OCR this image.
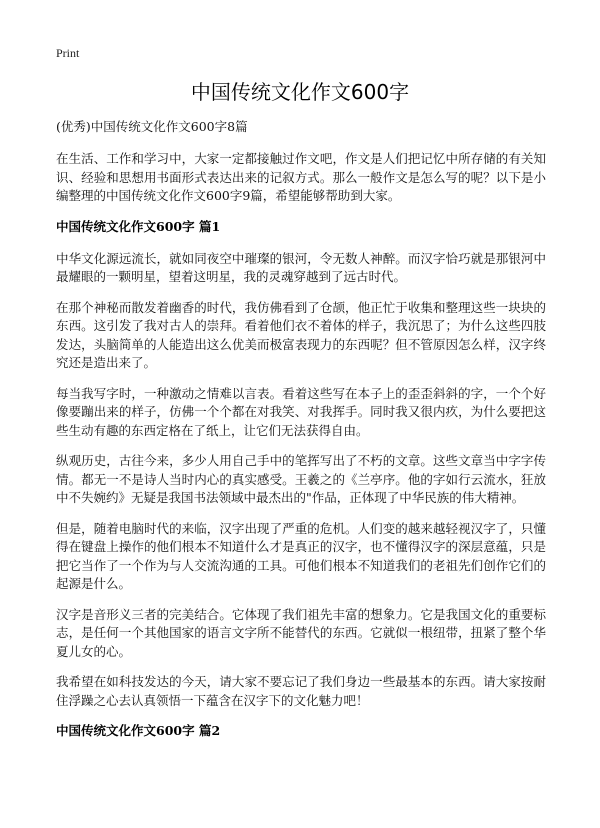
Print
中国传统文化作文600字

(优秀)中国传统文化作文600字8篇

在生活、工作和学习中，大家一定都接触过作文吧，作文是人们把记忆中所存储的有关知识、经验和思想用书面形式表达出来的记叙方式。那么一般作文是怎么写的呢？以下是小编整理的中国传统文化作文600字9篇，希望能够帮助到大家。

中国传统文化作文600字 篇1

中华文化源远流长，就如同夜空中璀璨的银河，令无数人神醉。而汉字恰巧就是那银河中最耀眼的一颗明星，望着这明星，我的灵魂穿越到了远古时代。

在那个神秘而散发着幽香的时代，我仿佛看到了仓颉，他正忙于收集和整理这些一块块的东西。这引发了我对古人的崇拜。看着他们衣不着体的样子，我沉思了；为什么这些四肢发达，头脑简单的人能造出这么优美而极富表现力的东西呢？但不管原因怎么样，汉字终究还是造出来了。

每当我写字时，一种激动之情难以言表。看着这些写在本子上的歪歪斜斜的字，一个个好像要蹦出来的样子，仿佛一个个都在对我笑、对我挥手。同时我又很内疚，为什么要把这些生动有趣的东西定格在了纸上，让它们无法获得自由。

纵观历史，古往今来，多少人用自己手中的笔挥写出了不朽的文章。这些文章当中字字传情。都无一不是诗人当时内心的真实感受。王羲之的《兰亭序。他的字如行云流水，狂放中不失婉约》无疑是我国书法领域中最杰出的"作品，正体现了中华民族的伟大精神。

但是，随着电脑时代的来临，汉字出现了严重的危机。人们变的越来越轻视汉字了，只懂得在键盘上操作的他们根本不知道什么才是真正的汉字，也不懂得汉字的深层意蕴，只是把它当作了一个作为与人交流沟通的工具。可他们根本不知道我们的老祖先们创作它们的起源是什么。

汉字是音形义三者的完美结合。它体现了我们祖先丰富的想象力。它是我国文化的重要标志，是任何一个其他国家的语言文字所不能替代的东西。它就似一根纽带，扭紧了整个华夏儿女的心。

我希望在如科技发达的今天，请大家不要忘记了我们身边一些最基本的东西。请大家按耐住浮躁之心去认真领悟一下蕴含在汉字下的文化魅力吧！

中国传统文化作文600字 篇2
